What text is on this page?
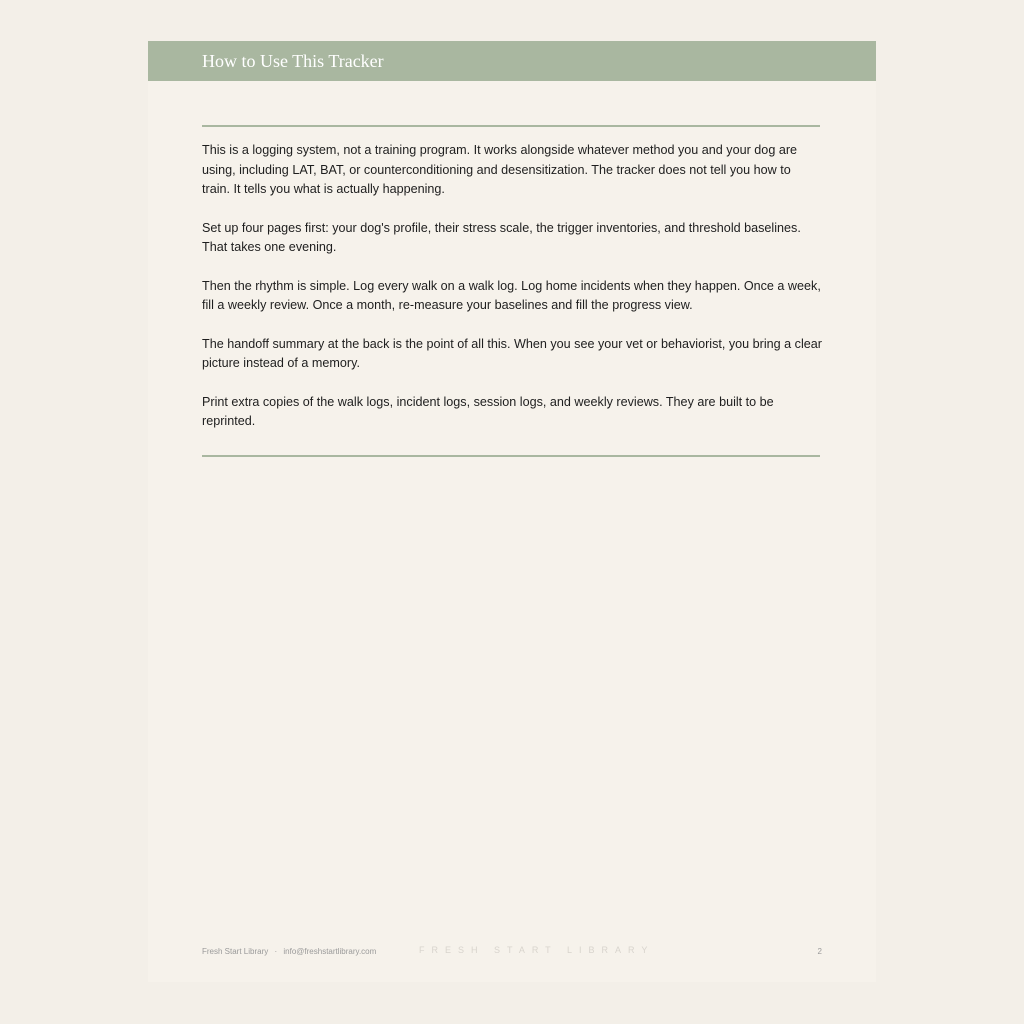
How to Use This Tracker

This is a logging system, not a training program. It works alongside whatever method you and your dog are using, including LAT, BAT, or counterconditioning and desensitization. The tracker does not tell you how to train. It tells you what is actually happening.

Set up four pages first: your dog's profile, their stress scale, the trigger inventories, and threshold baselines. That takes one evening.

Then the rhythm is simple. Log every walk on a walk log. Log home incidents when they happen. Once a week, fill a weekly review. Once a month, re-measure your baselines and fill the progress view.

The handoff summary at the back is the point of all this. When you see your vet or behaviorist, you bring a clear picture instead of a memory.

Print extra copies of the walk logs, incident logs, session logs, and weekly reviews. They are built to be reprinted.

Fresh Start Library · info@freshstartlibrary.com	FRESH START LIBRARY	2
